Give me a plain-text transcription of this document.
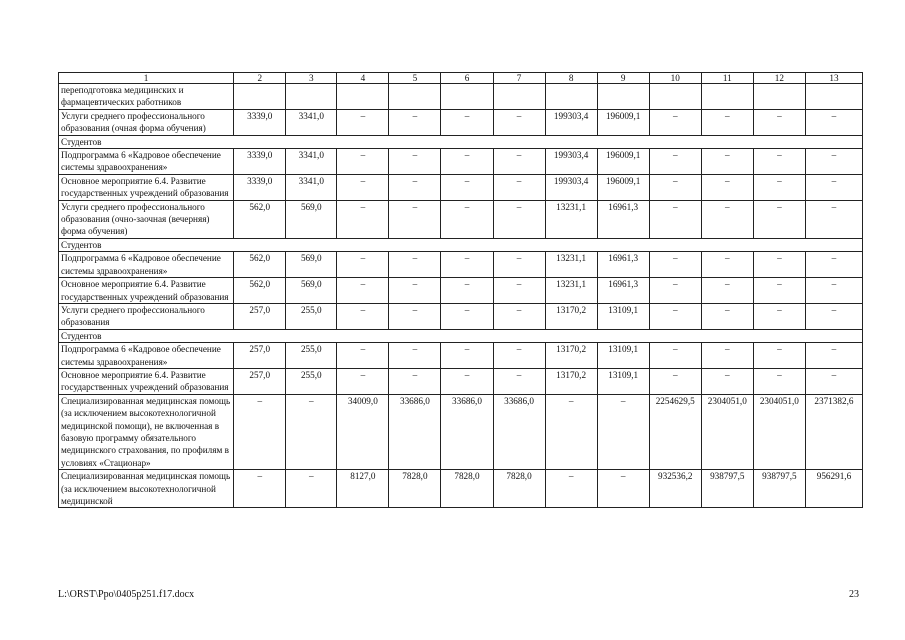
1	2	3	4	5	6	7	8	9	10	11	12	13
переподготовка медицинских и фармацевтических работников												
Услуги среднего профессионального образования (очная форма обучения)	3339,0	3341,0	–	–	–	–	199303,4	196009,1	–	–	–	–
Студентов												
Подпрограмма 6 «Кадровое обеспечение системы здравоохранения»	3339,0	3341,0	–	–	–	–	199303,4	196009,1	–	–	–	–
Основное мероприятие 6.4. Развитие государственных учреждений образования	3339,0	3341,0	–	–	–	–	199303,4	196009,1	–	–	–	–
Услуги среднего профессионального образования (очно-заочная (вечерняя) форма обучения)	562,0	569,0	–	–	–	–	13231,1	16961,3	–	–	–	–
Студентов												
Подпрограмма 6 «Кадровое обеспечение системы здравоохранения»	562,0	569,0	–	–	–	–	13231,1	16961,3	–	–	–	–
Основное мероприятие 6.4. Развитие государственных учреждений образования	562,0	569,0	–	–	–	–	13231,1	16961,3	–	–	–	–
Услуги среднего профессионального образования	257,0	255,0	–	–	–	–	13170,2	13109,1	–	–	–	–
Студентов												
Подпрограмма 6 «Кадровое обеспечение системы здравоохранения»	257,0	255,0	–	–	–	–	13170,2	13109,1	–	–	–	–
Основное мероприятие 6.4. Развитие государственных учреждений образования	257,0	255,0	–	–	–	–	13170,2	13109,1	–	–	–	–
Специализированная медицинская помощь (за исключением высокотехнологичной медицинской помощи), не включенная в базовую программу обязательного медицинского страхования, по профилям в условиях «Стационар»	–	–	34009,0	33686,0	33686,0	33686,0	–	–	2254629,5	2304051,0	2304051,0	2371382,6
Специализированная медицинская помощь (за исключением высокотехнологичной медицинской	–	–	8127,0	7828,0	7828,0	7828,0	–	–	932536,2	938797,5	938797,5	956291,6
L:\ORST\Ppo\0405p251.f17.docx	23
